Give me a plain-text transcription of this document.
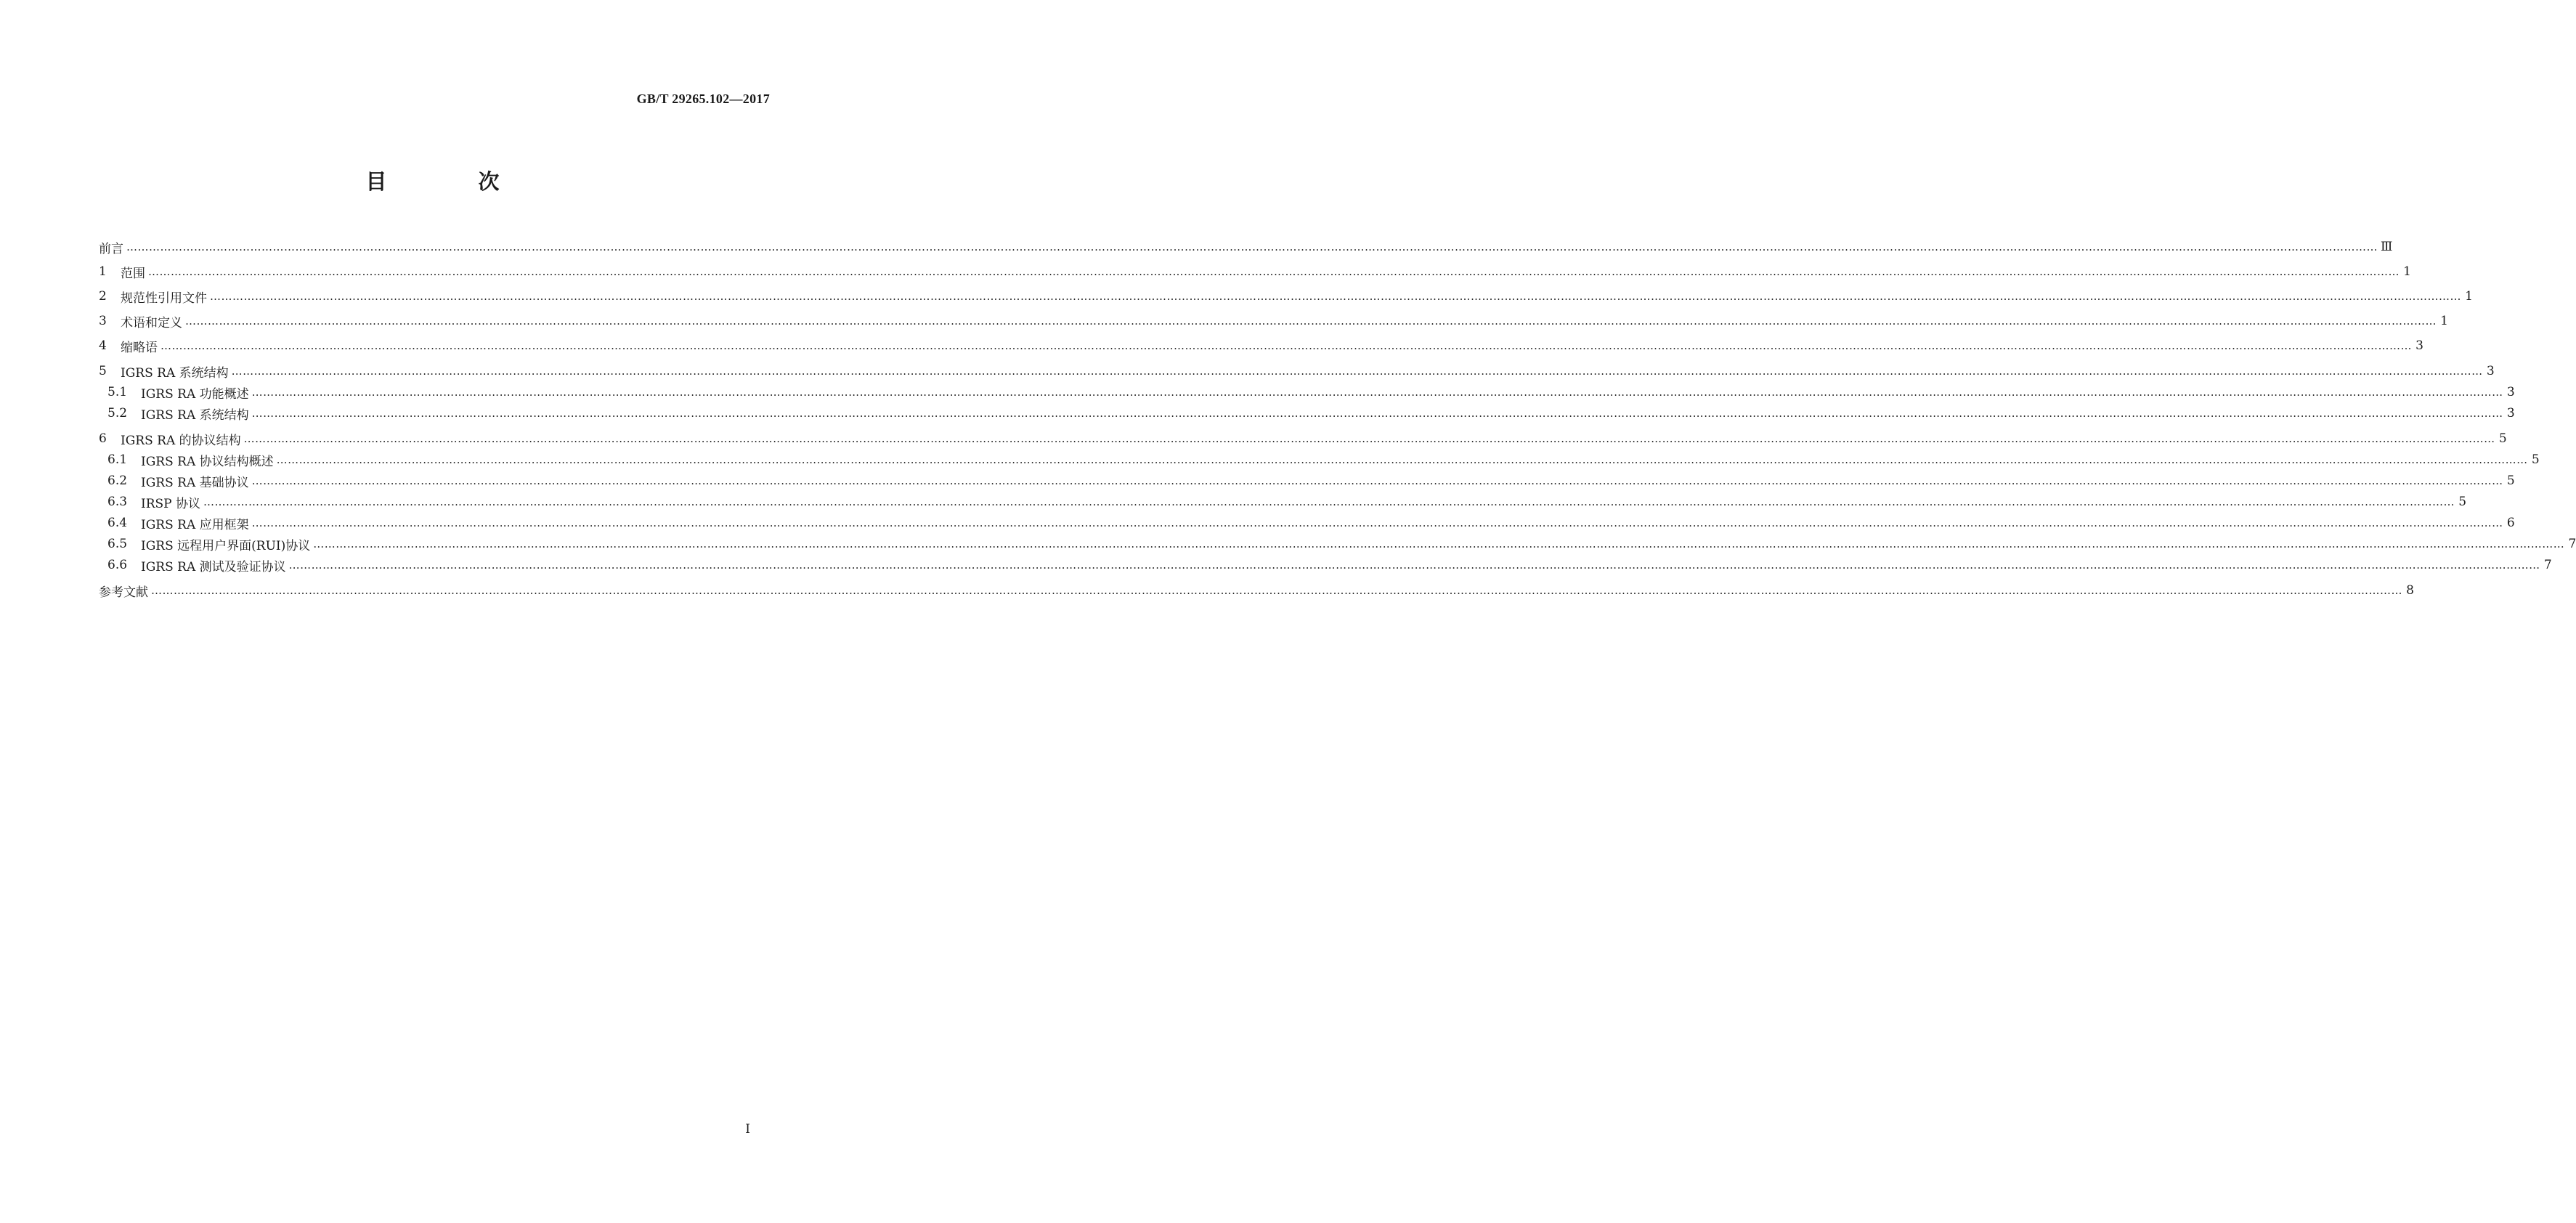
GB/T 29265.102—2017
目 次
前言 …………………………………………………………………………………………………………………………………………………………………………………………………………………………………………………………………………………………………………………………………………………………………………………………………………………………………………………………………………………………………………………………………………………… Ⅲ
1	范围 …………………………………………………………………………………………………………………………………………………………………………………………………………………………………………………………………………………………………………………………………………………………………………………………………………………………………………………………………………………………………………………………………………………… 1
2	规范性引用文件 …………………………………………………………………………………………………………………………………………………………………………………………………………………………………………………………………………………………………………………………………………………………………………………………………………………………………………………………………………………………………………………………………………………… 1
3	术语和定义 …………………………………………………………………………………………………………………………………………………………………………………………………………………………………………………………………………………………………………………………………………………………………………………………………………………………………………………………………………………………………………………………………………………… 1
4	缩略语 …………………………………………………………………………………………………………………………………………………………………………………………………………………………………………………………………………………………………………………………………………………………………………………………………………………………………………………………………………………………………………………………………………………… 3
5	IGRS RA 系统结构 …………………………………………………………………………………………………………………………………………………………………………………………………………………………………………………………………………………………………………………………………………………………………………………………………………………………………………………………………………………………………………………………………………………… 3
5.1	IGRS RA 功能概述 …………………………………………………………………………………………………………………………………………………………………………………………………………………………………………………………………………………………………………………………………………………………………………………………………………………………………………………………………………………………………………………………………………………… 3
5.2	IGRS RA 系统结构 …………………………………………………………………………………………………………………………………………………………………………………………………………………………………………………………………………………………………………………………………………………………………………………………………………………………………………………………………………………………………………………………………………………… 3
6	IGRS RA 的协议结构 …………………………………………………………………………………………………………………………………………………………………………………………………………………………………………………………………………………………………………………………………………………………………………………………………………………………………………………………………………………………………………………………………………………… 5
6.1	IGRS RA 协议结构概述 …………………………………………………………………………………………………………………………………………………………………………………………………………………………………………………………………………………………………………………………………………………………………………………………………………………………………………………………………………………………………………………………………………………… 5
6.2	IGRS RA 基础协议 …………………………………………………………………………………………………………………………………………………………………………………………………………………………………………………………………………………………………………………………………………………………………………………………………………………………………………………………………………………………………………………………………………………… 5
6.3	IRSP 协议 …………………………………………………………………………………………………………………………………………………………………………………………………………………………………………………………………………………………………………………………………………………………………………………………………………………………………………………………………………………………………………………………………………………… 5
6.4	IGRS RA 应用框架 …………………………………………………………………………………………………………………………………………………………………………………………………………………………………………………………………………………………………………………………………………………………………………………………………………………………………………………………………………………………………………………………………………………… 6
6.5	IGRS 远程用户界面(RUI)协议 …………………………………………………………………………………………………………………………………………………………………………………………………………………………………………………………………………………………………………………………………………………………………………………………………………………………………………………………………………………………………………………………………………………… 7
6.6	IGRS RA 测试及验证协议 …………………………………………………………………………………………………………………………………………………………………………………………………………………………………………………………………………………………………………………………………………………………………………………………………………………………………………………………………………………………………………………………………………………… 7
参考文献 …………………………………………………………………………………………………………………………………………………………………………………………………………………………………………………………………………………………………………………………………………………………………………………………………………………………………………………………………………………………………………………………………………………… 8
I
